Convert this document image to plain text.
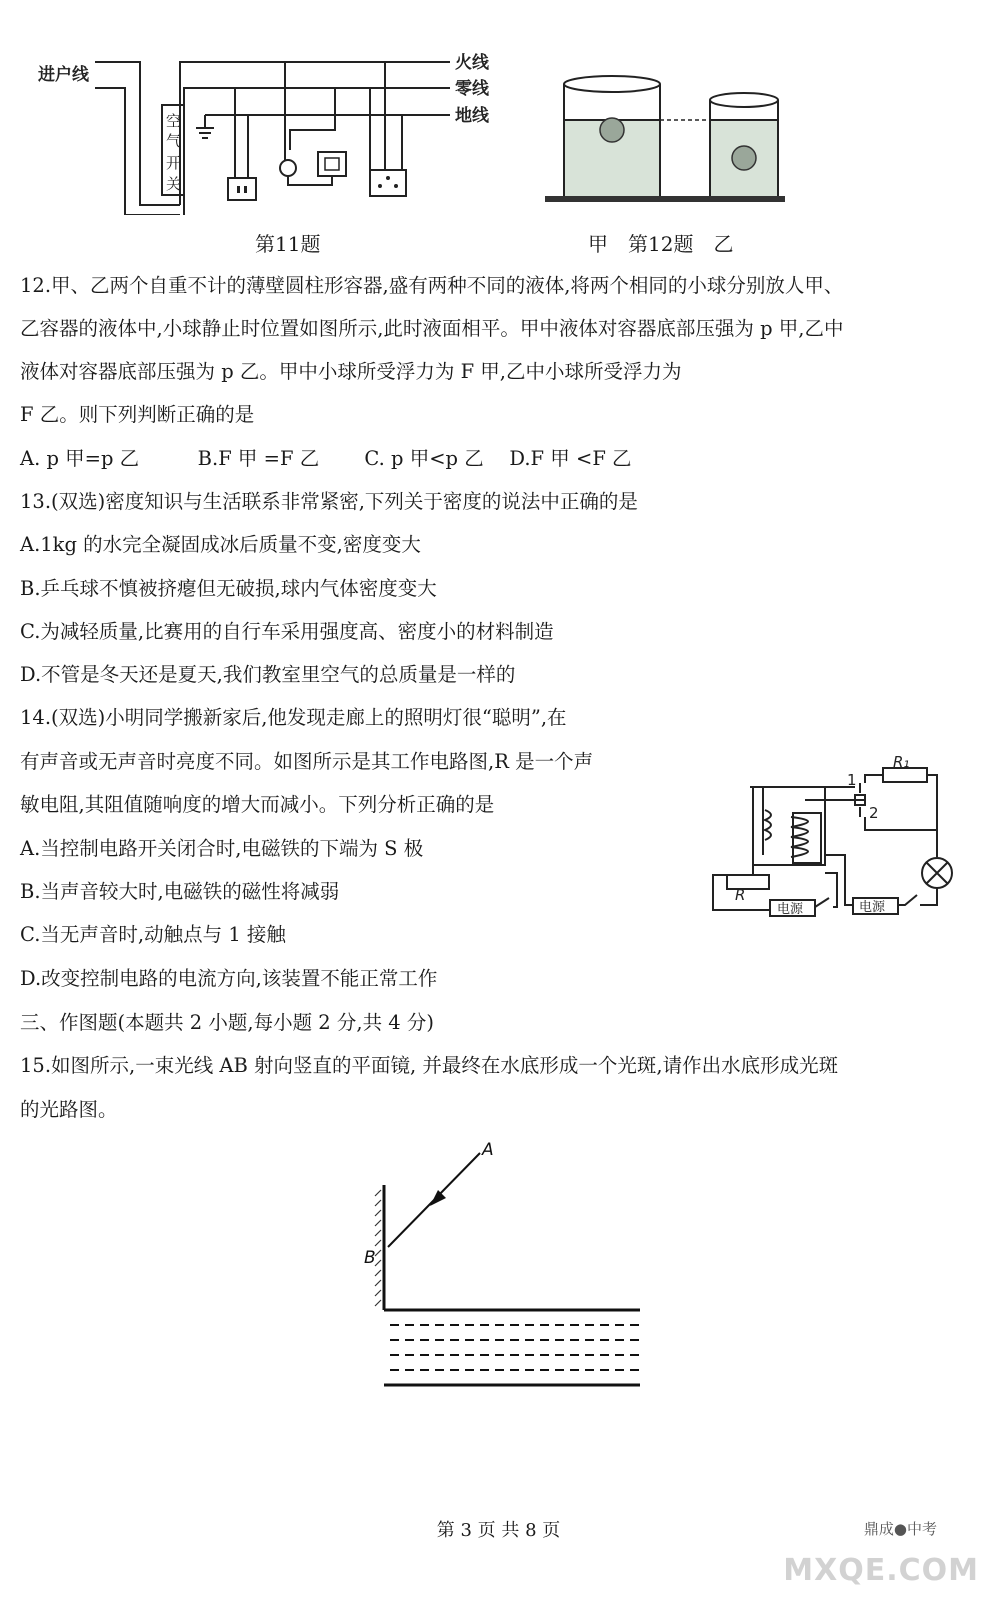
进户线
火线
零线
地线
空
气
开
关
第11题	甲　第12题　乙
12.甲、乙两个自重不计的薄壁圆柱形容器,盛有两种不同的液体,将两个相同的小球分别放人甲、
乙容器的液体中,小球静止时位置如图所示,此时液面相平。甲中液体对容器底部压强为 p 甲,乙中
液体对容器底部压强为 p 乙。甲中小球所受浮力为 F 甲,乙中小球所受浮力为
F 乙。则下列判断正确的是
A. p 甲=p 乙　　　B.F 甲 =F 乙　　 C. p 甲<p 乙　 D.F 甲 <F 乙
13.(双选)密度知识与生活联系非常紧密,下列关于密度的说法中正确的是
A.1kg 的水完全凝固成冰后质量不变,密度变大
B.乒乓球不慎被挤瘪但无破损,球内气体密度变大
C.为减轻质量,比赛用的自行车采用强度高、密度小的材料制造
D.不管是冬天还是夏天,我们教室里空气的总质量是一样的
14.(双选)小明同学搬新家后,他发现走廊上的照明灯很“聪明”,在
有声音或无声音时亮度不同。如图所示是其工作电路图,R 是一个声
敏电阻,其阻值随响度的增大而减小。下列分析正确的是
A.当控制电路开关闭合时,电磁铁的下端为 S 极
B.当声音较大时,电磁铁的磁性将减弱
C.当无声音时,动触点与 1 接触
D.改变控制电路的电流方向,该装置不能正常工作
1
2
R₁
R
电源	电源
三、作图题(本题共 2 小题,每小题 2 分,共 4 分)
15.如图所示,一束光线 AB 射向竖直的平面镜, 并最终在水底形成一个光斑,请作出水底形成光斑
的光路图。
A
B
第 3 页 共 8 页	鼎成●中考
MXQE.COM
